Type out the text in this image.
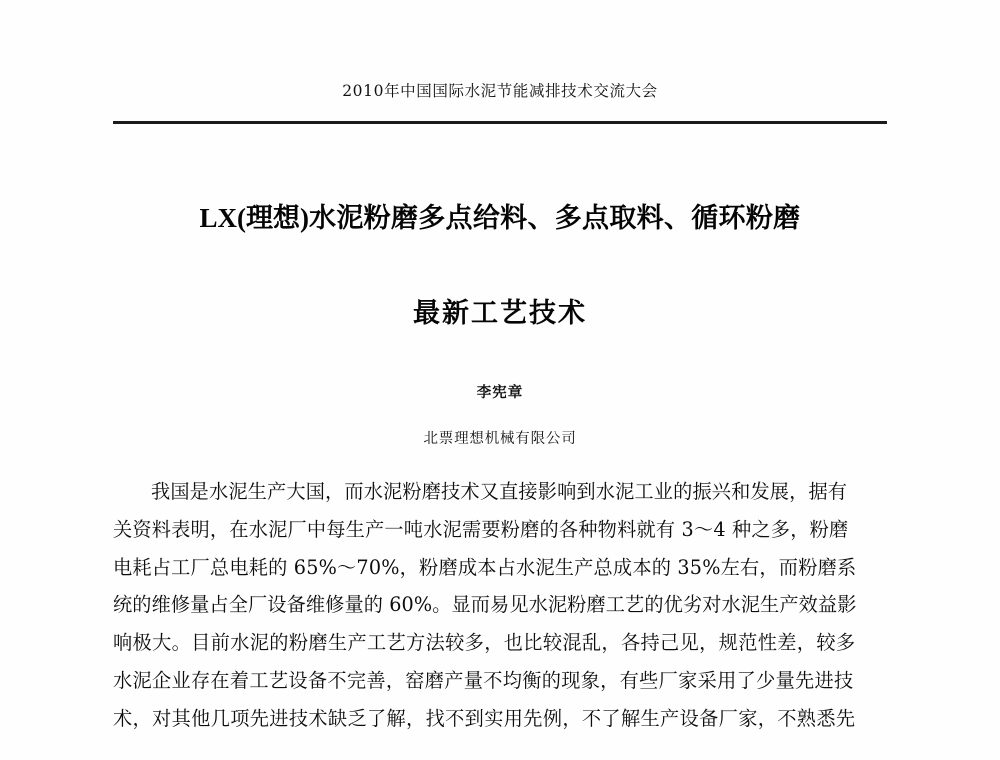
2010年中国国际水泥节能减排技术交流大会
LX(理想)水泥粉磨多点给料、多点取料、循环粉磨
最新工艺技术
李宪章
北票理想机械有限公司
我国是水泥生产大国，而水泥粉磨技术又直接影响到水泥工业的振兴和发展，据有
关资料表明，在水泥厂中每生产一吨水泥需要粉磨的各种物料就有 3～4 种之多，粉磨
电耗占工厂总电耗的 65%～70%，粉磨成本占水泥生产总成本的 35%左右，而粉磨系
统的维修量占全厂设备维修量的 60%。显而易见水泥粉磨工艺的优劣对水泥生产效益影
响极大。目前水泥的粉磨生产工艺方法较多，也比较混乱，各持己见，规范性差，较多
水泥企业存在着工艺设备不完善，窑磨产量不均衡的现象，有些厂家采用了少量先进技
术，对其他几项先进技术缺乏了解，找不到实用先例，不了解生产设备厂家，不熟悉先
